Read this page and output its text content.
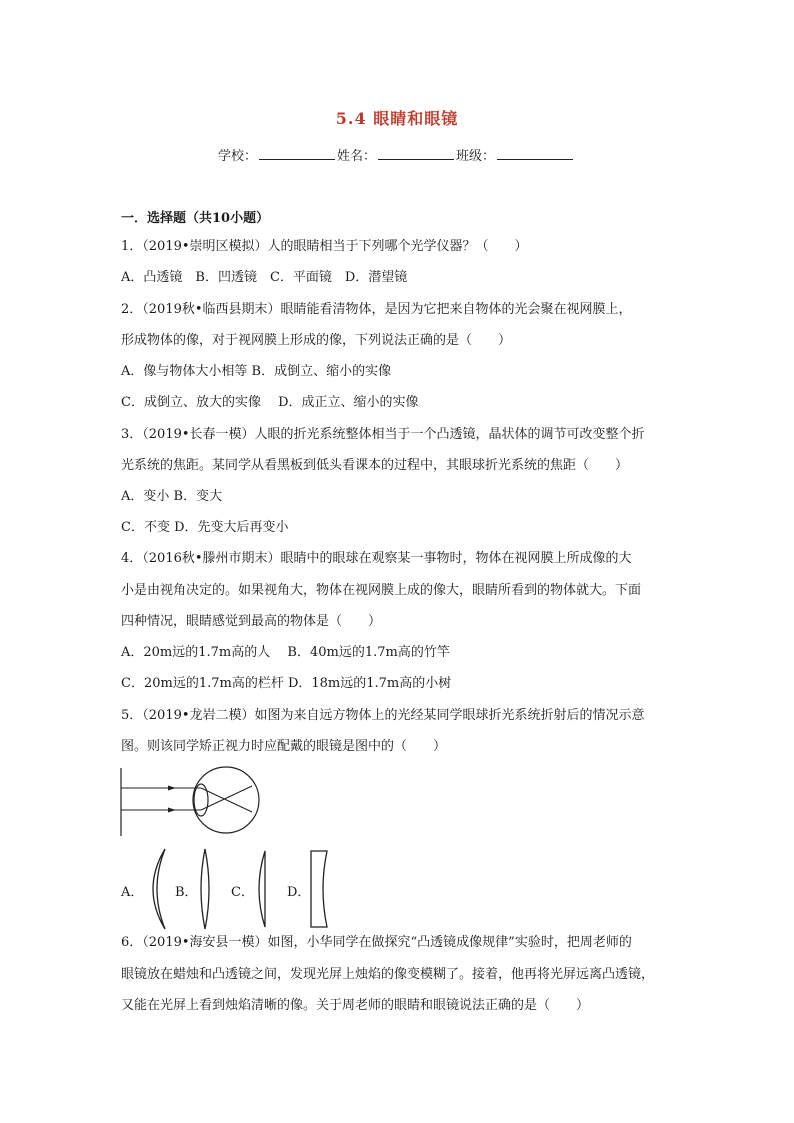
5.4 眼睛和眼镜
学校：	姓名：	班级：
一．选择题（共10小题）
1．（2019•崇明区模拟）人的眼睛相当于下列哪个光学仪器？（　　）
A．凸透镜　B．凹透镜　C．平面镜　D．潜望镜
2．（2019秋•临西县期末）眼睛能看清物体，是因为它把来自物体的光会聚在视网膜上，
形成物体的像，对于视网膜上形成的像，下列说法正确的是（　　）
A．像与物体大小相等 B．成倒立、缩小的实像
C．成倒立、放大的实像　 D．成正立、缩小的实像
3．（2019•长春一模）人眼的折光系统整体相当于一个凸透镜，晶状体的调节可改变整个折
光系统的焦距。某同学从看黑板到低头看课本的过程中，其眼球折光系统的焦距（　　）
A．变小 B．变大
C．不变 D．先变大后再变小
4．（2016秋•滕州市期末）眼睛中的眼球在观察某一事物时，物体在视网膜上所成像的大
小是由视角决定的。如果视角大，物体在视网膜上成的像大，眼睛所看到的物体就大。下面
四种情况，眼睛感觉到最高的物体是（　　）
A．20m远的1.7m高的人　 B．40m远的1.7m高的竹竿
C．20m远的1.7m高的栏杆 D．18m远的1.7m高的小树
5．（2019•龙岩二模）如图为来自远方物体上的光经某同学眼球折光系统折射后的情况示意
图。则该同学矫正视力时应配戴的眼镜是图中的（　　）
A． B．	C．	D．
6．（2019•海安县一模）如图，小华同学在做探究“凸透镜成像规律”实验时，把周老师的
眼镜放在蜡烛和凸透镜之间，发现光屏上烛焰的像变模糊了。接着，他再将光屏远离凸透镜，
又能在光屏上看到烛焰清晰的像。关于周老师的眼睛和眼镜说法正确的是（　　）
